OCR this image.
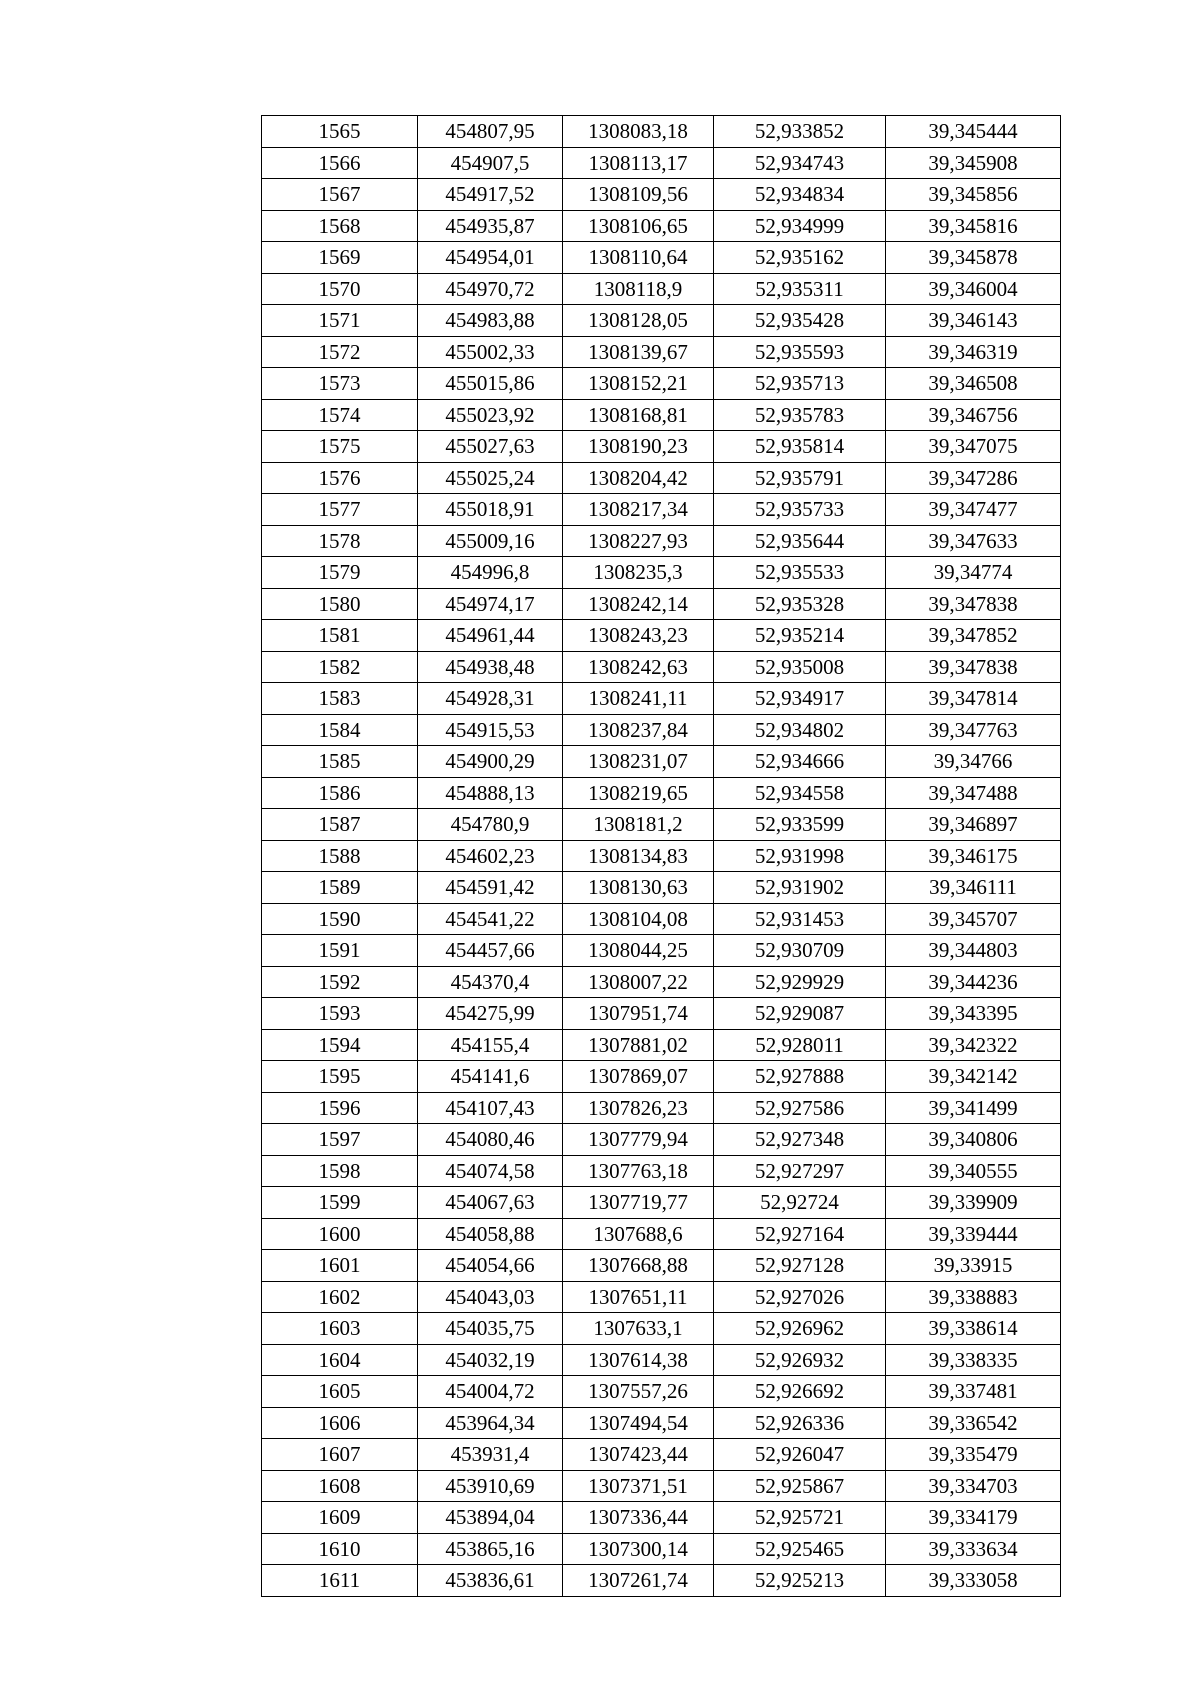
1565	454807,95	1308083,18	52,933852	39,345444
1566	454907,5	1308113,17	52,934743	39,345908
1567	454917,52	1308109,56	52,934834	39,345856
1568	454935,87	1308106,65	52,934999	39,345816
1569	454954,01	1308110,64	52,935162	39,345878
1570	454970,72	1308118,9	52,935311	39,346004
1571	454983,88	1308128,05	52,935428	39,346143
1572	455002,33	1308139,67	52,935593	39,346319
1573	455015,86	1308152,21	52,935713	39,346508
1574	455023,92	1308168,81	52,935783	39,346756
1575	455027,63	1308190,23	52,935814	39,347075
1576	455025,24	1308204,42	52,935791	39,347286
1577	455018,91	1308217,34	52,935733	39,347477
1578	455009,16	1308227,93	52,935644	39,347633
1579	454996,8	1308235,3	52,935533	39,34774
1580	454974,17	1308242,14	52,935328	39,347838
1581	454961,44	1308243,23	52,935214	39,347852
1582	454938,48	1308242,63	52,935008	39,347838
1583	454928,31	1308241,11	52,934917	39,347814
1584	454915,53	1308237,84	52,934802	39,347763
1585	454900,29	1308231,07	52,934666	39,34766
1586	454888,13	1308219,65	52,934558	39,347488
1587	454780,9	1308181,2	52,933599	39,346897
1588	454602,23	1308134,83	52,931998	39,346175
1589	454591,42	1308130,63	52,931902	39,346111
1590	454541,22	1308104,08	52,931453	39,345707
1591	454457,66	1308044,25	52,930709	39,344803
1592	454370,4	1308007,22	52,929929	39,344236
1593	454275,99	1307951,74	52,929087	39,343395
1594	454155,4	1307881,02	52,928011	39,342322
1595	454141,6	1307869,07	52,927888	39,342142
1596	454107,43	1307826,23	52,927586	39,341499
1597	454080,46	1307779,94	52,927348	39,340806
1598	454074,58	1307763,18	52,927297	39,340555
1599	454067,63	1307719,77	52,92724	39,339909
1600	454058,88	1307688,6	52,927164	39,339444
1601	454054,66	1307668,88	52,927128	39,33915
1602	454043,03	1307651,11	52,927026	39,338883
1603	454035,75	1307633,1	52,926962	39,338614
1604	454032,19	1307614,38	52,926932	39,338335
1605	454004,72	1307557,26	52,926692	39,337481
1606	453964,34	1307494,54	52,926336	39,336542
1607	453931,4	1307423,44	52,926047	39,335479
1608	453910,69	1307371,51	52,925867	39,334703
1609	453894,04	1307336,44	52,925721	39,334179
1610	453865,16	1307300,14	52,925465	39,333634
1611	453836,61	1307261,74	52,925213	39,333058
